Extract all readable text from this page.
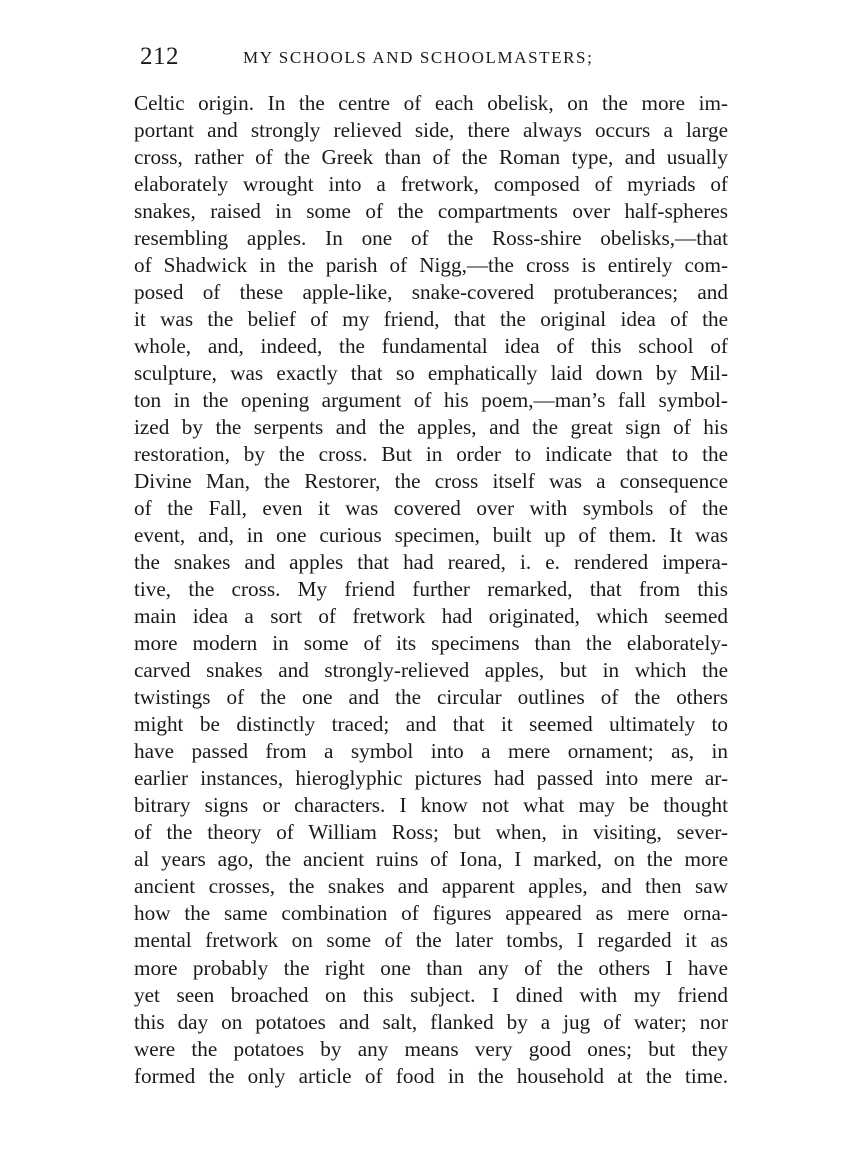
212	MY SCHOOLS AND SCHOOLMASTERS;
Celtic origin. In the centre of each obelisk, on the more im-
portant and strongly relieved side, there always occurs a large
cross, rather of the Greek than of the Roman type, and usually
elaborately wrought into a fretwork, composed of myriads of
snakes, raised in some of the compartments over half-spheres
resembling apples. In one of the Ross-shire obelisks,—that
of Shadwick in the parish of Nigg,—the cross is entirely com-
posed of these apple-like, snake-covered protuberances; and
it was the belief of my friend, that the original idea of the
whole, and, indeed, the fundamental idea of this school of
sculpture, was exactly that so emphatically laid down by Mil-
ton in the opening argument of his poem,—man’s fall symbol-
ized by the serpents and the apples, and the great sign of his
restoration, by the cross. But in order to indicate that to the
Divine Man, the Restorer, the cross itself was a consequence
of the Fall, even it was covered over with symbols of the
event, and, in one curious specimen, built up of them. It was
the snakes and apples that had reared, i. e. rendered impera-
tive, the cross. My friend further remarked, that from this
main idea a sort of fretwork had originated, which seemed
more modern in some of its specimens than the elaborately-
carved snakes and strongly-relieved apples, but in which the
twistings of the one and the circular outlines of the others
might be distinctly traced; and that it seemed ultimately to
have passed from a symbol into a mere ornament; as, in
earlier instances, hieroglyphic pictures had passed into mere ar-
bitrary signs or characters. I know not what may be thought
of the theory of William Ross; but when, in visiting, sever-
al years ago, the ancient ruins of Iona, I marked, on the more
ancient crosses, the snakes and apparent apples, and then saw
how the same combination of figures appeared as mere orna-
mental fretwork on some of the later tombs, I regarded it as
more probably the right one than any of the others I have
yet seen broached on this subject. I dined with my friend
this day on potatoes and salt, flanked by a jug of water; nor
were the potatoes by any means very good ones; but they
formed the only article of food in the household at the time.
